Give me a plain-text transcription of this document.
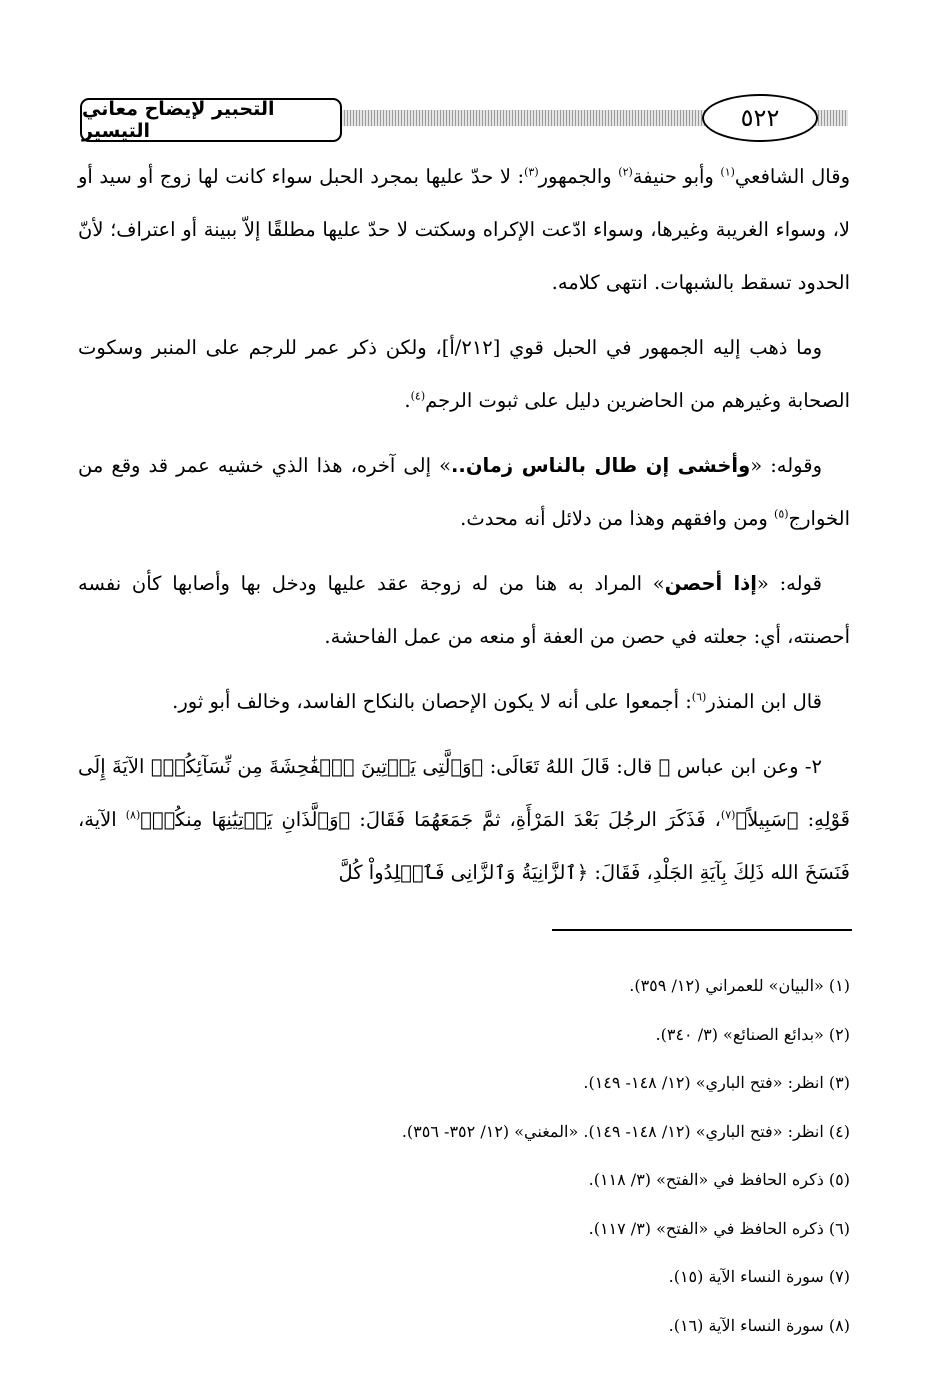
التحبير لإيضاح معاني التيسير	٥٢٢

وقال الشافعي$^{(١)}$ وأبو حنيفة$^{(٢)}$ والجمهور$^{(٣)}$: لا حدّ عليها بمجرد الحبل سواء كانت لها زوج أو سيد أو لا، وسواء الغريبة وغيرها، وسواء ادّعت الإكراه وسكتت لا حدّ عليها مطلقًا إلاّ ببينة أو اعتراف؛ لأنّ الحدود تسقط بالشبهات. انتهى كلامه.

وما ذهب إليه الجمهور في الحبل قوي [٢١٢/أ]، ولكن ذكر عمر للرجم على المنبر وسكوت الصحابة وغيرهم من الحاضرين دليل على ثبوت الرجم$^{(٤)}$.

وقوله: «وأخشى إن طال بالناس زمان..» إلى آخره، هذا الذي خشيه عمر قد وقع من الخوارج$^{(٥)}$ ومن وافقهم وهذا من دلائل أنه محدث.

قوله: «إذا أحصن» المراد به هنا من له زوجة عقد عليها ودخل بها وأصابها كأن نفسه أحصنته، أي: جعلته في حصن من العفة أو منعه من عمل الفاحشة.

قال ابن المنذر$^{(٦)}$: أجمعوا على أنه لا يكون الإحصان بالنكاح الفاسد، وخالف أبو ثور.

٢- وعن ابن عباس ﷺ قال: قَالَ اللهُ تَعَالَى: ﴿وَٱلَّتِى يَأۡتِينَ ٱلۡفَٰحِشَةَ مِن نِّسَآئِكُمۡ﴾ الآيَةَ إِلَى قَوْلِهِ: ﴿سَبِيلاً﴾$^{(٧)}$، فَذَكَرَ الرجُلَ بَعْدَ المَرْأَةِ، ثمَّ جَمَعَهُمَا فَقَالَ: ﴿وَٱلَّذَانِ يَأۡتِيَٰنِهَا مِنكُمۡ﴾$^{(٨)}$ الآية، فَنَسَخَ الله ذَلِكَ بِآيَةِ الجَلْدِ، فَقَالَ: ﴿ٱلزَّانِيَةُ وَٱلزَّانِى فَٱجۡلِدُواْ كُلَّ

(١) «البيان» للعمراني (١٢/ ٣٥٩).
(٢) «بدائع الصنائع» (٣/ ٣٤٠).
(٣) انظر: «فتح الباري» (١٢/ ١٤٨- ١٤٩).
(٤) انظر: «فتح الباري» (١٢/ ١٤٨- ١٤٩). «المغني» (١٢/ ٣٥٢- ٣٥٦).
(٥) ذكره الحافظ في «الفتح» (٣/ ١١٨).
(٦) ذكره الحافظ في «الفتح» (٣/ ١١٧).
(٧) سورة النساء الآية (١٥).
(٨) سورة النساء الآية (١٦).
